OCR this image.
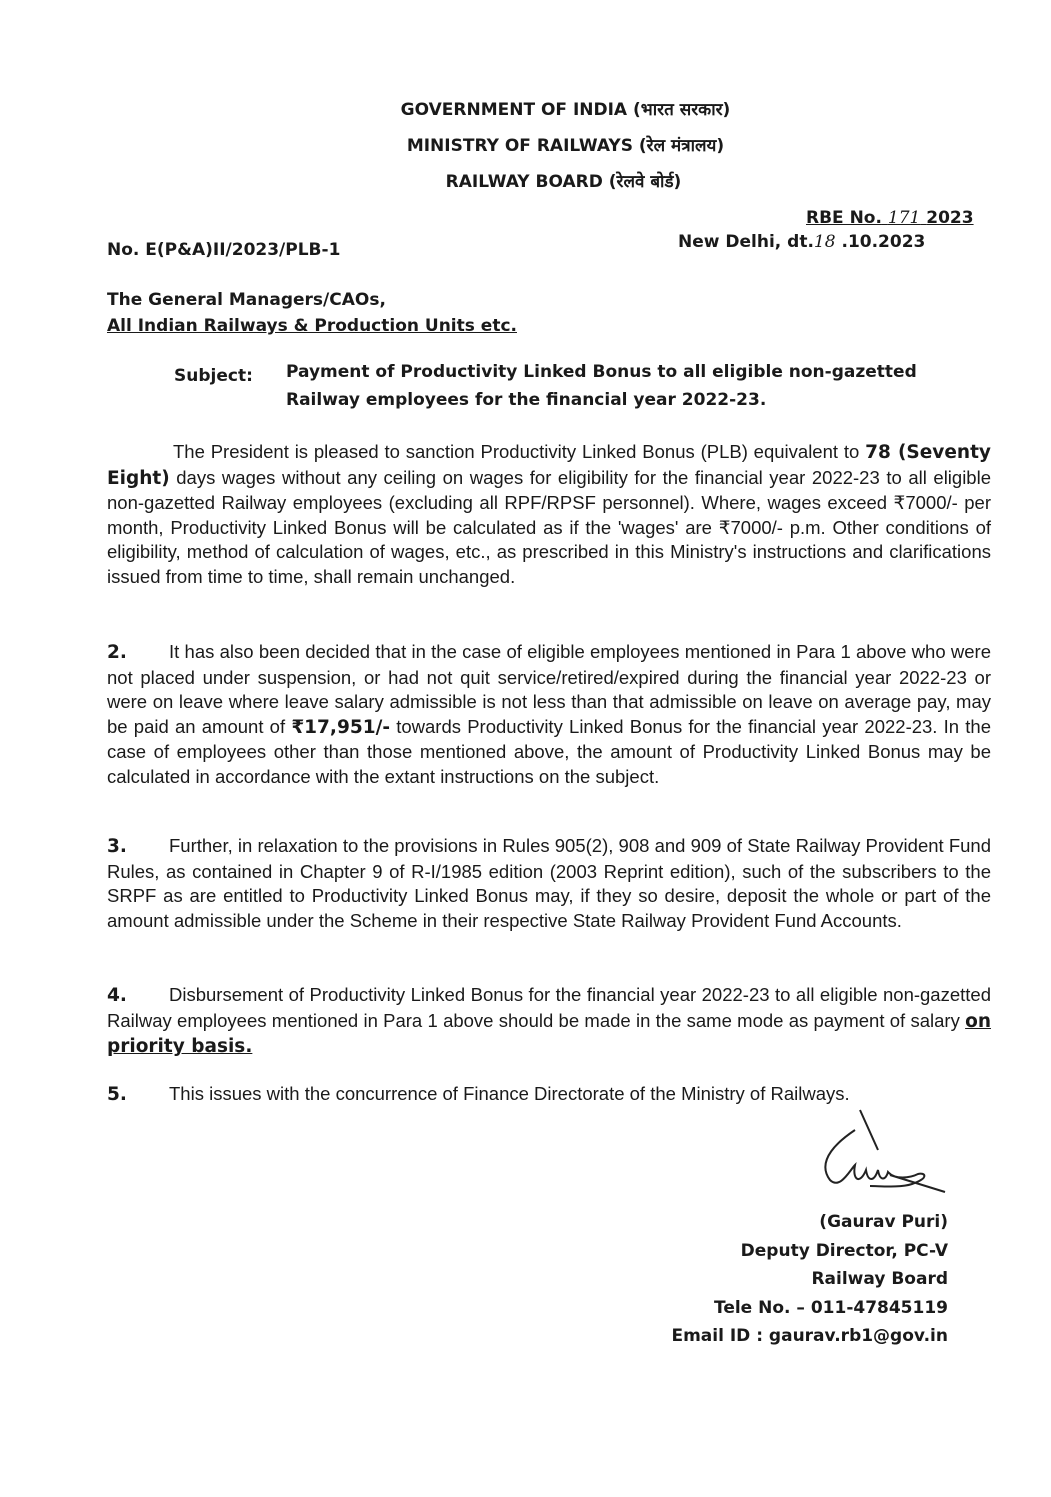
GOVERNMENT OF INDIA (भारत सरकार)
MINISTRY OF RAILWAYS (रेल मंत्रालय)
RAILWAY BOARD (रेलवे बोर्ड)
RBE No. 171 2023
No. E(P&A)II/2023/PLB-1	New Delhi, dt.18 .10.2023
The General Managers/CAOs,
All Indian Railways & Production Units etc.
Subject: Payment of Productivity Linked Bonus to all eligible non-gazetted
Railway employees for the financial year 2022-23.
The President is pleased to sanction Productivity Linked Bonus (PLB) equivalent to 78 (Seventy Eight) days wages without any ceiling on wages for eligibility for the financial year 2022-23 to all eligible non-gazetted Railway employees (excluding all RPF/RPSF personnel). Where, wages exceed ₹7000/- per month, Productivity Linked Bonus will be calculated as if the 'wages' are ₹7000/- p.m. Other conditions of eligibility, method of calculation of wages, etc., as prescribed in this Ministry's instructions and clarifications issued from time to time, shall remain unchanged.
2. It has also been decided that in the case of eligible employees mentioned in Para 1 above who were not placed under suspension, or had not quit service/retired/expired during the financial year 2022-23 or were on leave where leave salary admissible is not less than that admissible on leave on average pay, may be paid an amount of ₹17,951/- towards Productivity Linked Bonus for the financial year 2022-23. In the case of employees other than those mentioned above, the amount of Productivity Linked Bonus may be calculated in accordance with the extant instructions on the subject.
3. Further, in relaxation to the provisions in Rules 905(2), 908 and 909 of State Railway Provident Fund Rules, as contained in Chapter 9 of R-I/1985 edition (2003 Reprint edition), such of the subscribers to the SRPF as are entitled to Productivity Linked Bonus may, if they so desire, deposit the whole or part of the amount admissible under the Scheme in their respective State Railway Provident Fund Accounts.
4. Disbursement of Productivity Linked Bonus for the financial year 2022-23 to all eligible non-gazetted Railway employees mentioned in Para 1 above should be made in the same mode as payment of salary on priority basis.
5. This issues with the concurrence of Finance Directorate of the Ministry of Railways.
(Gaurav Puri)
Deputy Director, PC-V
Railway Board
Tele No. – 011-47845119
Email ID : gaurav.rb1@gov.in
